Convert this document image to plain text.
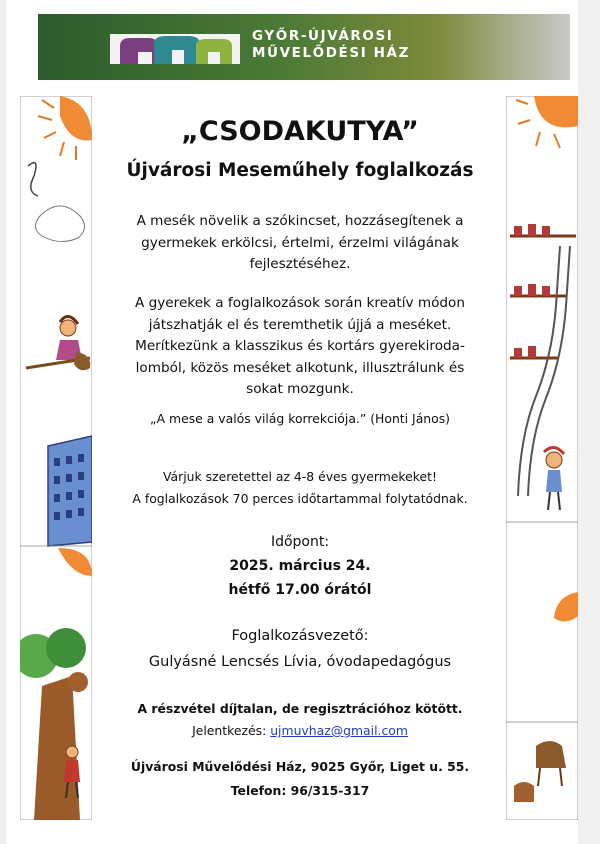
GYŐR-ÚJVÁROSI
MŰVELŐDÉSI HÁZ
„CSODAKUTYA”
Újvárosi Meseműhely foglalkozás
A mesék növelik a szókincset, hozzásegítenek a
gyermekek erkölcsi, értelmi, érzelmi világának
fejlesztéséhez.
A gyerekek a foglalkozások során kreatív módon
játszhatják el és teremthetik újjá a meséket.
Merítkezünk a klasszikus és kortárs gyerekiroda-
lomból, közös meséket alkotunk, illusztrálunk és
sokat mozgunk.
„A mese a valós világ korrekciója.” (Honti János)
Várjuk szeretettel az 4-8 éves gyermekeket!
A foglalkozások 70 perces időtartammal folytatódnak.
Időpont:
2025. március 24.
hétfő 17.00 órától
Foglalkozásvezető:
Gulyásné Lencsés Lívia, óvodapedagógus
A részvétel díjtalan, de regisztrációhoz kötött.
Jelentkezés: ujmuvhaz@gmail.com
Újvárosi Művelődési Ház, 9025 Győr, Liget u. 55.
Telefon: 96/315-317
